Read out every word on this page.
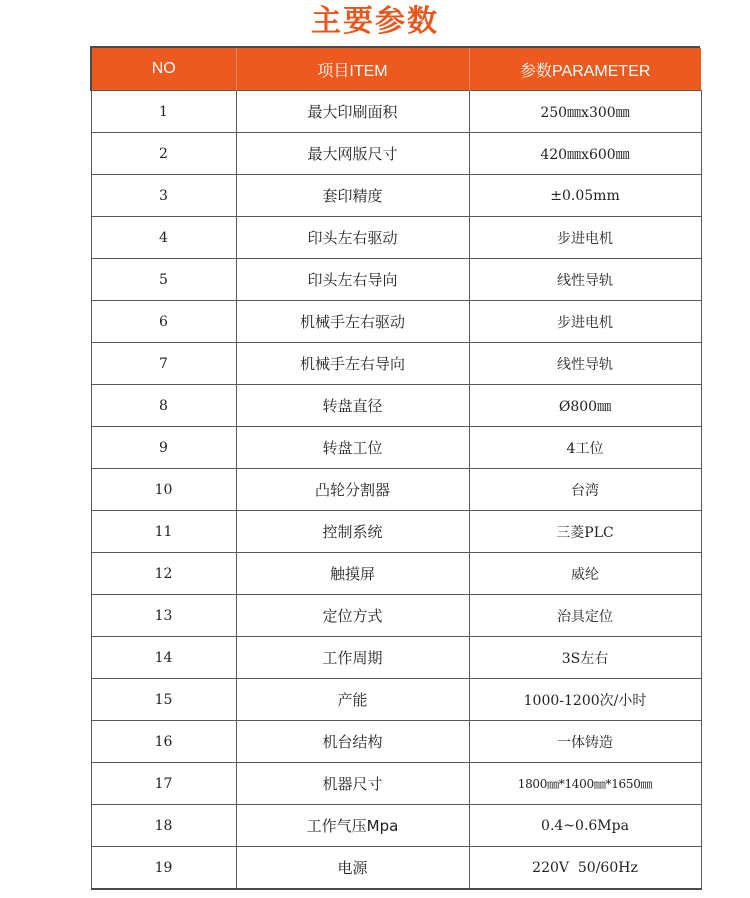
主要参数
NO	项目ITEM	参数PARAMETER
1	最大印刷面积	250㎜x300㎜
2	最大网版尺寸	420㎜x600㎜
3	套印精度	±0.05mm
4	印头左右驱动	步进电机
5	印头左右导向	线性导轨
6	机械手左右驱动	步进电机
7	机械手左右导向	线性导轨
8	转盘直径	Ø800㎜
9	转盘工位	4工位
10	凸轮分割器	台湾
11	控制系统	三菱PLC
12	触摸屏	威纶
13	定位方式	治具定位
14	工作周期	3S左右
15	产能	1000-1200次/小时
16	机台结构	一体铸造
17	机器尺寸	1800㎜*1400㎜*1650㎜
18	工作气压Mpa	0.4~0.6Mpa
19	电源	220V  50/60Hz
